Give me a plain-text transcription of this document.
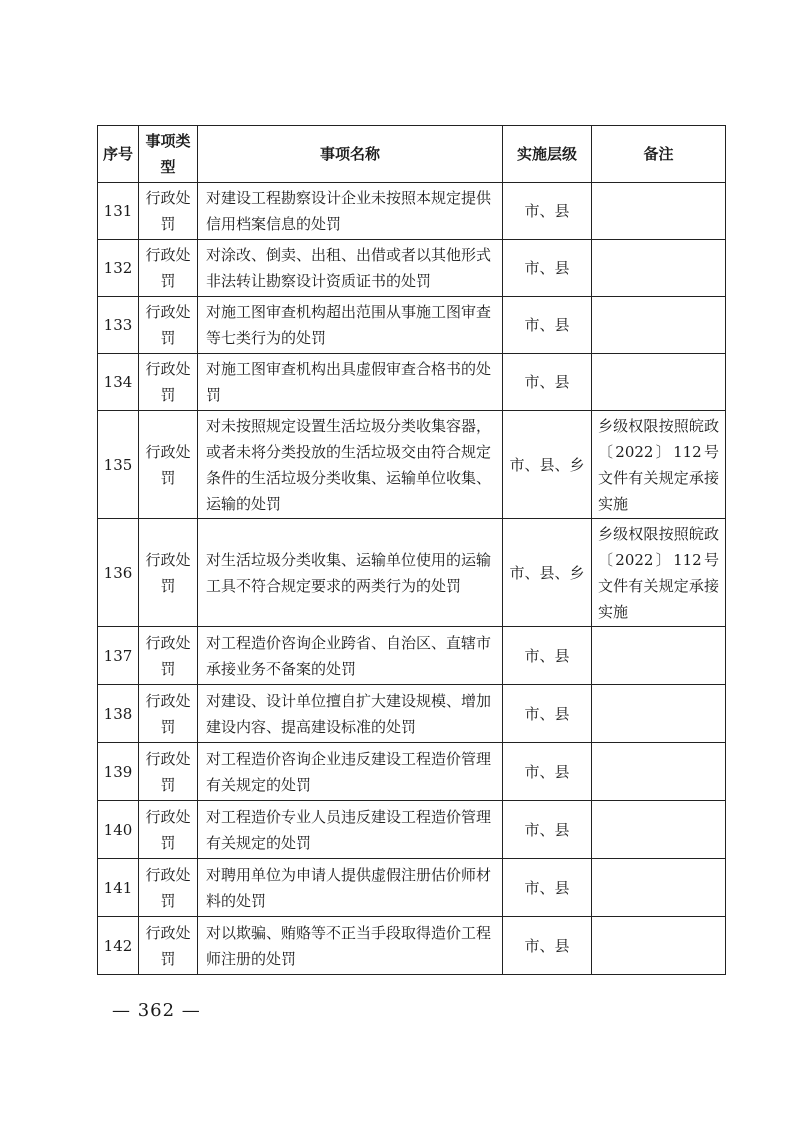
序号	事项类型	事项名称	实施层级	备注
131	行政处罚	对建设工程勘察设计企业未按照本规定提供信用档案信息的处罚	市、县	
132	行政处罚	对涂改、倒卖、出租、出借或者以其他形式非法转让勘察设计资质证书的处罚	市、县	
133	行政处罚	对施工图审查机构超出范围从事施工图审查等七类行为的处罚	市、县	
134	行政处罚	对施工图审查机构出具虚假审查合格书的处罚	市、县	
135	行政处罚	对未按照规定设置生活垃圾分类收集容器，或者未将分类投放的生活垃圾交由符合规定条件的生活垃圾分类收集、运输单位收集、运输的处罚	市、县、乡	乡级权限按照皖政〔2022〕112号文件有关规定承接实施
136	行政处罚	对生活垃圾分类收集、运输单位使用的运输工具不符合规定要求的两类行为的处罚	市、县、乡	乡级权限按照皖政〔2022〕112号文件有关规定承接实施
137	行政处罚	对工程造价咨询企业跨省、自治区、直辖市承接业务不备案的处罚	市、县	
138	行政处罚	对建设、设计单位擅自扩大建设规模、增加建设内容、提高建设标准的处罚	市、县	
139	行政处罚	对工程造价咨询企业违反建设工程造价管理有关规定的处罚	市、县	
140	行政处罚	对工程造价专业人员违反建设工程造价管理有关规定的处罚	市、县	
141	行政处罚	对聘用单位为申请人提供虚假注册估价师材料的处罚	市、县	
142	行政处罚	对以欺骗、贿赂等不正当手段取得造价工程师注册的处罚	市、县	
— 362 —
